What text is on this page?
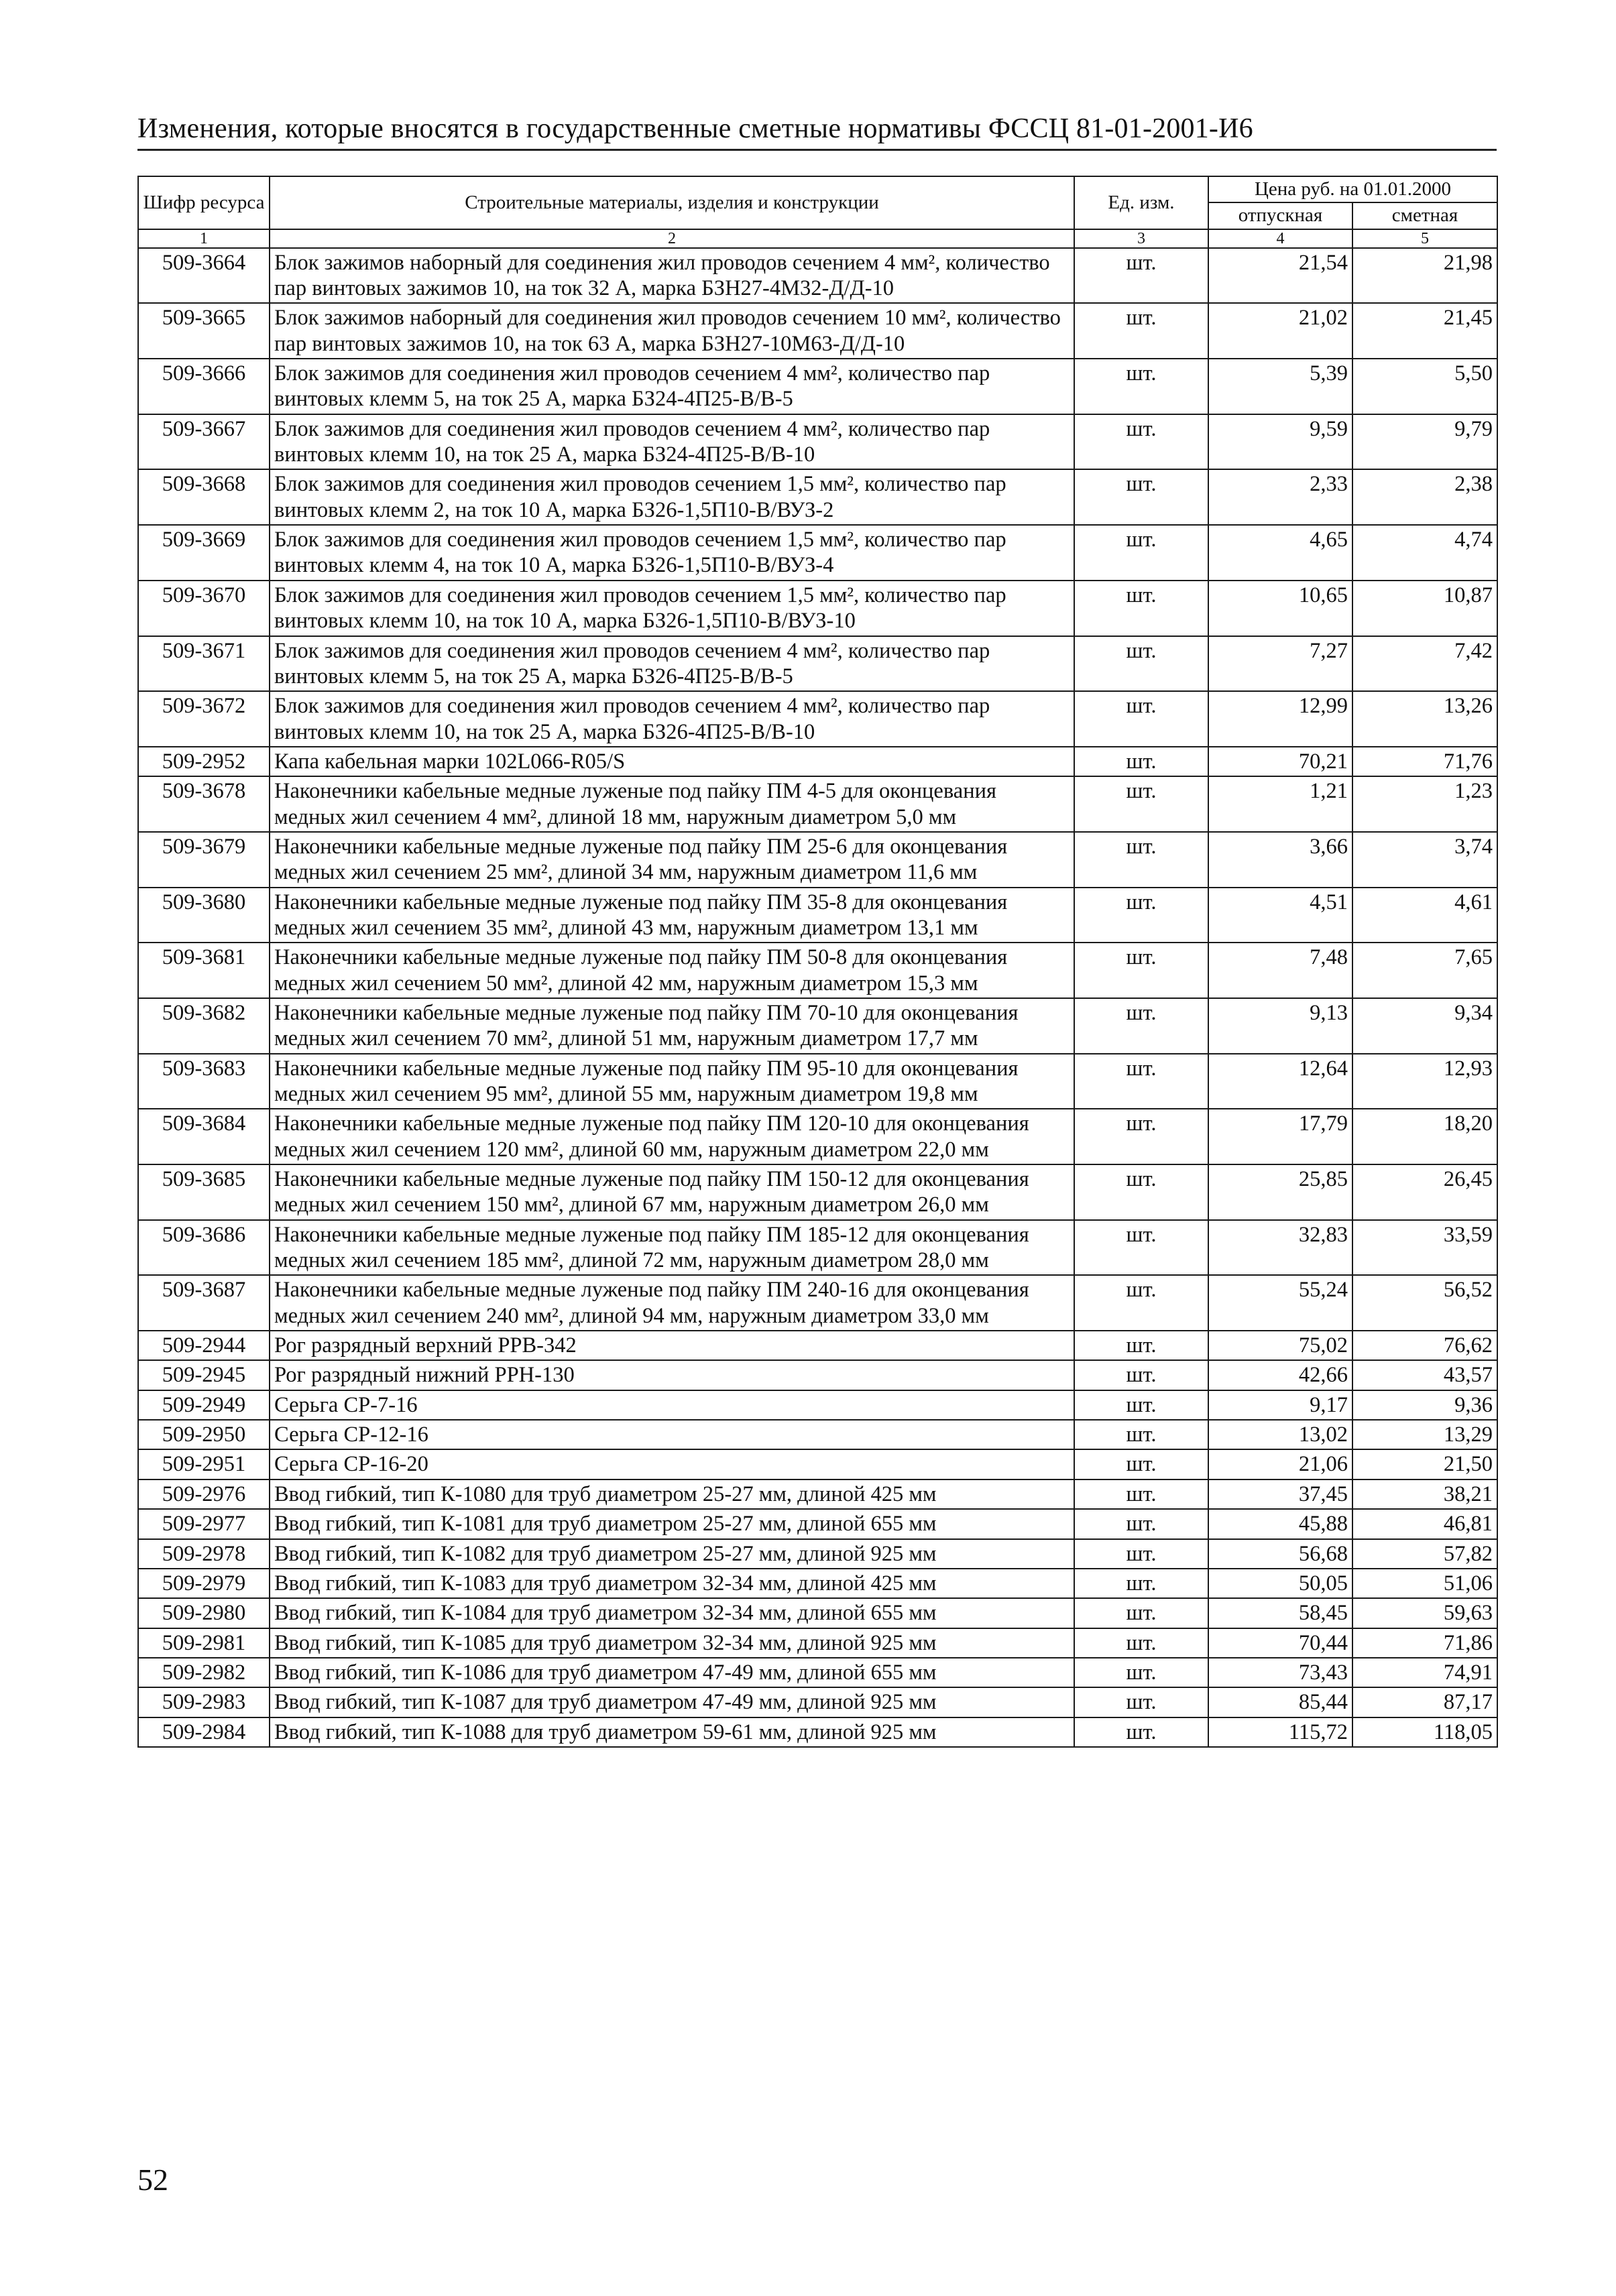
Изменения, которые вносятся в государственные сметные нормативы ФССЦ 81-01-2001-И6
Шифр ресурса	Строительные материалы, изделия и конструкции	Ед. изм.	Цена руб. на 01.01.2000	
			отпускная	сметная
1	2	3	4	5
509-3664	Блок зажимов наборный для соединения жил проводов сечением 4 мм², количество пар винтовых зажимов 10, на ток 32 А, марка БЗН27-4М32-Д/Д-10	шт.	21,54	21,98
509-3665	Блок зажимов наборный для соединения жил проводов сечением 10 мм², количество пар винтовых зажимов 10, на ток 63 А, марка БЗН27-10М63-Д/Д-10	шт.	21,02	21,45
509-3666	Блок зажимов для соединения жил проводов сечением 4 мм², количество пар винтовых клемм 5, на ток 25 А, марка БЗ24-4П25-В/В-5	шт.	5,39	5,50
509-3667	Блок зажимов для соединения жил проводов сечением 4 мм², количество пар винтовых клемм 10, на ток 25 А, марка БЗ24-4П25-В/В-10	шт.	9,59	9,79
509-3668	Блок зажимов для соединения жил проводов сечением 1,5 мм², количество пар винтовых клемм 2, на ток 10 А, марка БЗ26-1,5П10-В/ВУЗ-2	шт.	2,33	2,38
509-3669	Блок зажимов для соединения жил проводов сечением 1,5 мм², количество пар винтовых клемм 4, на ток 10 А, марка БЗ26-1,5П10-В/ВУЗ-4	шт.	4,65	4,74
509-3670	Блок зажимов для соединения жил проводов сечением 1,5 мм², количество пар винтовых клемм 10, на ток 10 А, марка БЗ26-1,5П10-В/ВУЗ-10	шт.	10,65	10,87
509-3671	Блок зажимов для соединения жил проводов сечением 4 мм², количество пар винтовых клемм 5, на ток 25 А, марка БЗ26-4П25-В/В-5	шт.	7,27	7,42
509-3672	Блок зажимов для соединения жил проводов сечением 4 мм², количество пар винтовых клемм 10, на ток 25 А, марка БЗ26-4П25-В/В-10	шт.	12,99	13,26
509-2952	Капа кабельная марки 102L066-R05/S	шт.	70,21	71,76
509-3678	Наконечники кабельные медные луженые под пайку ПМ 4-5 для оконцевания медных жил сечением 4 мм², длиной 18 мм, наружным диаметром 5,0 мм	шт.	1,21	1,23
509-3679	Наконечники кабельные медные луженые под пайку ПМ 25-6 для оконцевания медных жил сечением 25 мм², длиной 34 мм, наружным диаметром 11,6 мм	шт.	3,66	3,74
509-3680	Наконечники кабельные медные луженые под пайку ПМ 35-8 для оконцевания медных жил сечением 35 мм², длиной 43 мм, наружным диаметром 13,1 мм	шт.	4,51	4,61
509-3681	Наконечники кабельные медные луженые под пайку ПМ 50-8 для оконцевания медных жил сечением 50 мм², длиной 42 мм, наружным диаметром 15,3 мм	шт.	7,48	7,65
509-3682	Наконечники кабельные медные луженые под пайку ПМ 70-10 для оконцевания медных жил сечением 70 мм², длиной 51 мм, наружным диаметром 17,7 мм	шт.	9,13	9,34
509-3683	Наконечники кабельные медные луженые под пайку ПМ 95-10 для оконцевания медных жил сечением 95 мм², длиной 55 мм, наружным диаметром 19,8 мм	шт.	12,64	12,93
509-3684	Наконечники кабельные медные луженые под пайку ПМ 120-10 для оконцевания медных жил сечением 120 мм², длиной 60 мм, наружным диаметром 22,0 мм	шт.	17,79	18,20
509-3685	Наконечники кабельные медные луженые под пайку ПМ 150-12 для оконцевания медных жил сечением 150 мм², длиной 67 мм, наружным диаметром 26,0 мм	шт.	25,85	26,45
509-3686	Наконечники кабельные медные луженые под пайку ПМ 185-12 для оконцевания медных жил сечением 185 мм², длиной 72 мм, наружным диаметром 28,0 мм	шт.	32,83	33,59
509-3687	Наконечники кабельные медные луженые под пайку ПМ 240-16 для оконцевания медных жил сечением 240 мм², длиной 94 мм, наружным диаметром 33,0 мм	шт.	55,24	56,52
509-2944	Рог разрядный верхний РРВ-342	шт.	75,02	76,62
509-2945	Рог разрядный нижний РРН-130	шт.	42,66	43,57
509-2949	Серьга СР-7-16	шт.	9,17	9,36
509-2950	Серьга СР-12-16	шт.	13,02	13,29
509-2951	Серьга СР-16-20	шт.	21,06	21,50
509-2976	Ввод гибкий, тип К-1080 для труб диаметром 25-27 мм, длиной 425 мм	шт.	37,45	38,21
509-2977	Ввод гибкий, тип К-1081 для труб диаметром 25-27 мм, длиной 655 мм	шт.	45,88	46,81
509-2978	Ввод гибкий, тип К-1082 для труб диаметром 25-27 мм, длиной 925 мм	шт.	56,68	57,82
509-2979	Ввод гибкий, тип К-1083 для труб диаметром 32-34 мм, длиной 425 мм	шт.	50,05	51,06
509-2980	Ввод гибкий, тип К-1084 для труб диаметром 32-34 мм, длиной 655 мм	шт.	58,45	59,63
509-2981	Ввод гибкий, тип К-1085 для труб диаметром 32-34 мм, длиной 925 мм	шт.	70,44	71,86
509-2982	Ввод гибкий, тип К-1086 для труб диаметром 47-49 мм, длиной 655 мм	шт.	73,43	74,91
509-2983	Ввод гибкий, тип К-1087 для труб диаметром 47-49 мм, длиной 925 мм	шт.	85,44	87,17
509-2984	Ввод гибкий, тип К-1088 для труб диаметром 59-61 мм, длиной 925 мм	шт.	115,72	118,05
52
